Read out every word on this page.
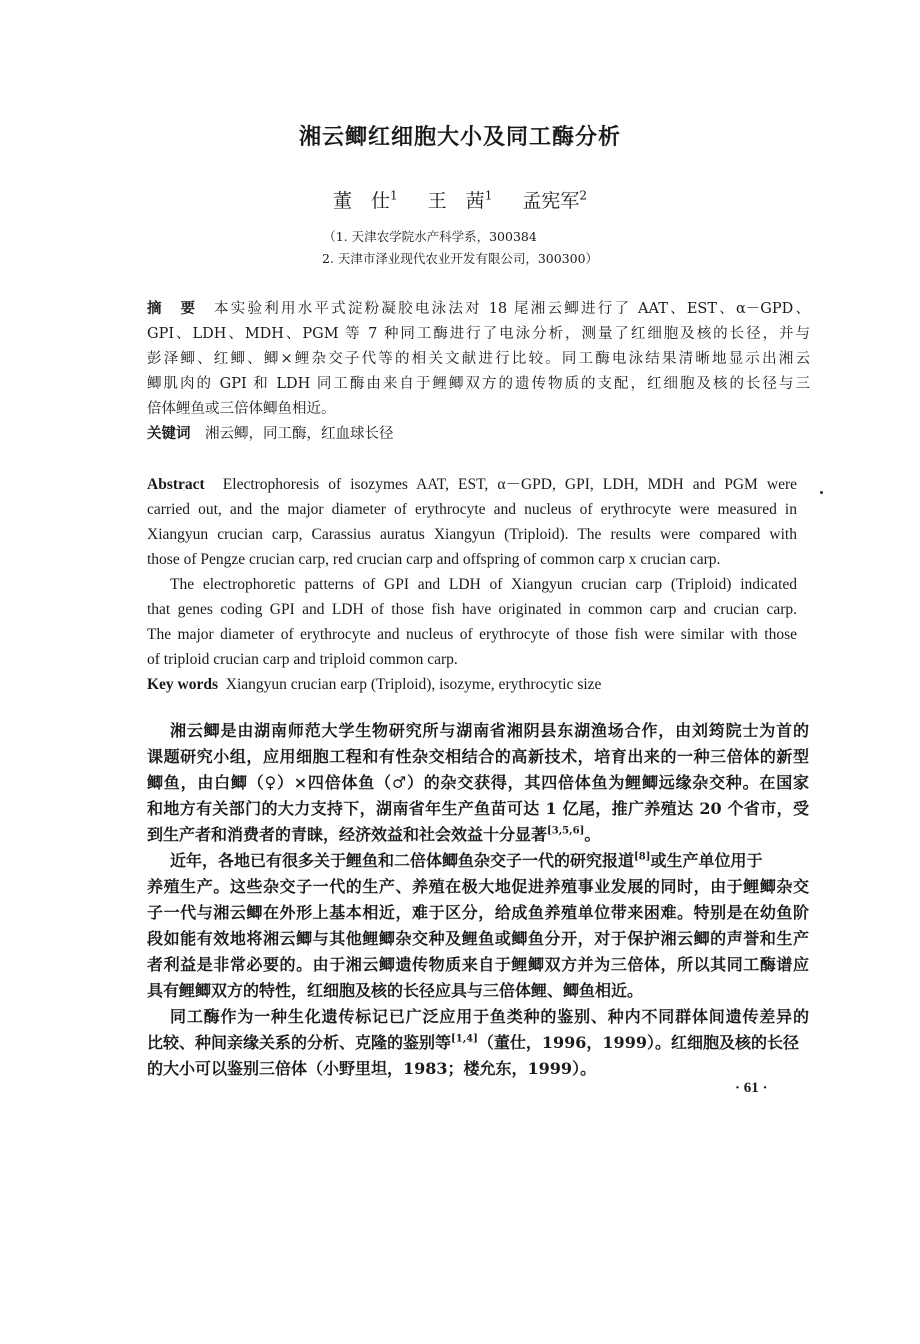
湘云鲫红细胞大小及同工酶分析
董　仕$^1$ 王　茜$^1$ 孟宪军$^2$
（1. 天津农学院水产科学系，300384
2. 天津市泽业现代农业开发有限公司，300300）
摘　要　 本实验利用水平式淀粉凝胶电泳法对 18 尾湘云鲫进行了 AAT、EST、α－GPD、
GPI、LDH、MDH、PGM 等 7 种同工酶进行了电泳分析，测量了红细胞及核的长径，并与
彭泽鲫、红鲫、鲫×鲤杂交子代等的相关文献进行比较。同工酶电泳结果清晰地显示出湘云
鲫肌肉的 GPI 和 LDH 同工酶由来自于鲤鲫双方的遗传物质的支配，红细胞及核的长径与三
倍体鲤鱼或三倍体鲫鱼相近。
关键词　 湘云鲫，同工酶，红血球长径
Abstract Electrophoresis of isozymes AAT, EST, α－GPD, GPI, LDH, MDH and PGM were
carried out, and the major diameter of erythrocyte and nucleus of erythrocyte were measured in
Xiangyun crucian carp, Carassius auratus Xiangyun (Triploid). The results were compared with
those of Pengze crucian carp, red crucian carp and offspring of common carp x crucian carp.
The electrophoretic patterns of GPI and LDH of Xiangyun crucian carp (Triploid) indicated
that genes coding GPI and LDH of those fish have originated in common carp and crucian carp.
The major diameter of erythrocyte and nucleus of erythrocyte of those fish were similar with those
of triploid crucian carp and triploid common carp.
Key words Xiangyun crucian earp (Triploid), isozyme, erythrocytic size
湘云鲫是由湖南师范大学生物研究所与湖南省湘阴县东湖渔场合作，由刘筠院士为首的
课题研究小组，应用细胞工程和有性杂交相结合的高新技术，培育出来的一种三倍体的新型
鲫鱼，由白鲫（♀）×四倍体鱼（♂）的杂交获得，其四倍体鱼为鲤鲫远缘杂交种。在国家
和地方有关部门的大力支持下，湖南省年生产鱼苗可达 1 亿尾，推广养殖达 20 个省市，受
到生产者和消费者的青睐，经济效益和社会效益十分显著[3,5,6]。
近年，各地已有很多关于鲤鱼和二倍体鲫鱼杂交子一代的研究报道[8]或生产单位用于
养殖生产。这些杂交子一代的生产、养殖在极大地促进养殖事业发展的同时，由于鲤鲫杂交
子一代与湘云鲫在外形上基本相近，难于区分，给成鱼养殖单位带来困难。特别是在幼鱼阶
段如能有效地将湘云鲫与其他鲤鲫杂交种及鲤鱼或鲫鱼分开，对于保护湘云鲫的声誉和生产
者利益是非常必要的。由于湘云鲫遗传物质来自于鲤鲫双方并为三倍体，所以其同工酶谱应
具有鲤鲫双方的特性，红细胞及核的长径应具与三倍体鲤、鲫鱼相近。
同工酶作为一种生化遗传标记已广泛应用于鱼类种的鉴别、种内不同群体间遗传差异的
比较、种间亲缘关系的分析、克隆的鉴别等[1,4]（董仕，1996，1999）。红细胞及核的长径
的大小可以鉴别三倍体（小野里坦，1983；楼允东，1999）。
· 61 ·
